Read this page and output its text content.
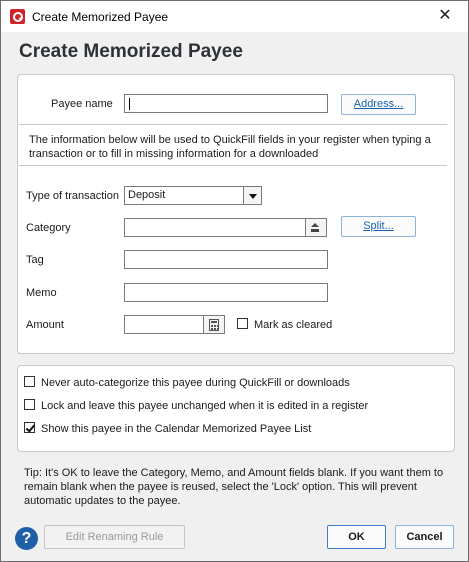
Create Memorized Payee	✕
Create Memorized Payee
Payee name	Address...
The information below will be used to QuickFill fields in your register when typing a transaction or to fill in missing information for a downloaded
Type of transaction Deposit
Category	Split...
Tag
Memo
Amount	Mark as cleared
Never auto-categorize this payee during QuickFill or downloads
Lock and leave this payee unchanged when it is edited in a register
Show this payee in the Calendar Memorized Payee List
Tip: It's OK to leave the Category, Memo, and Amount fields blank. If you want them to remain blank when the payee is reused, select the 'Lock' option. This will prevent automatic updates to the payee.
?	Edit Renaming Rule	OK	Cancel
